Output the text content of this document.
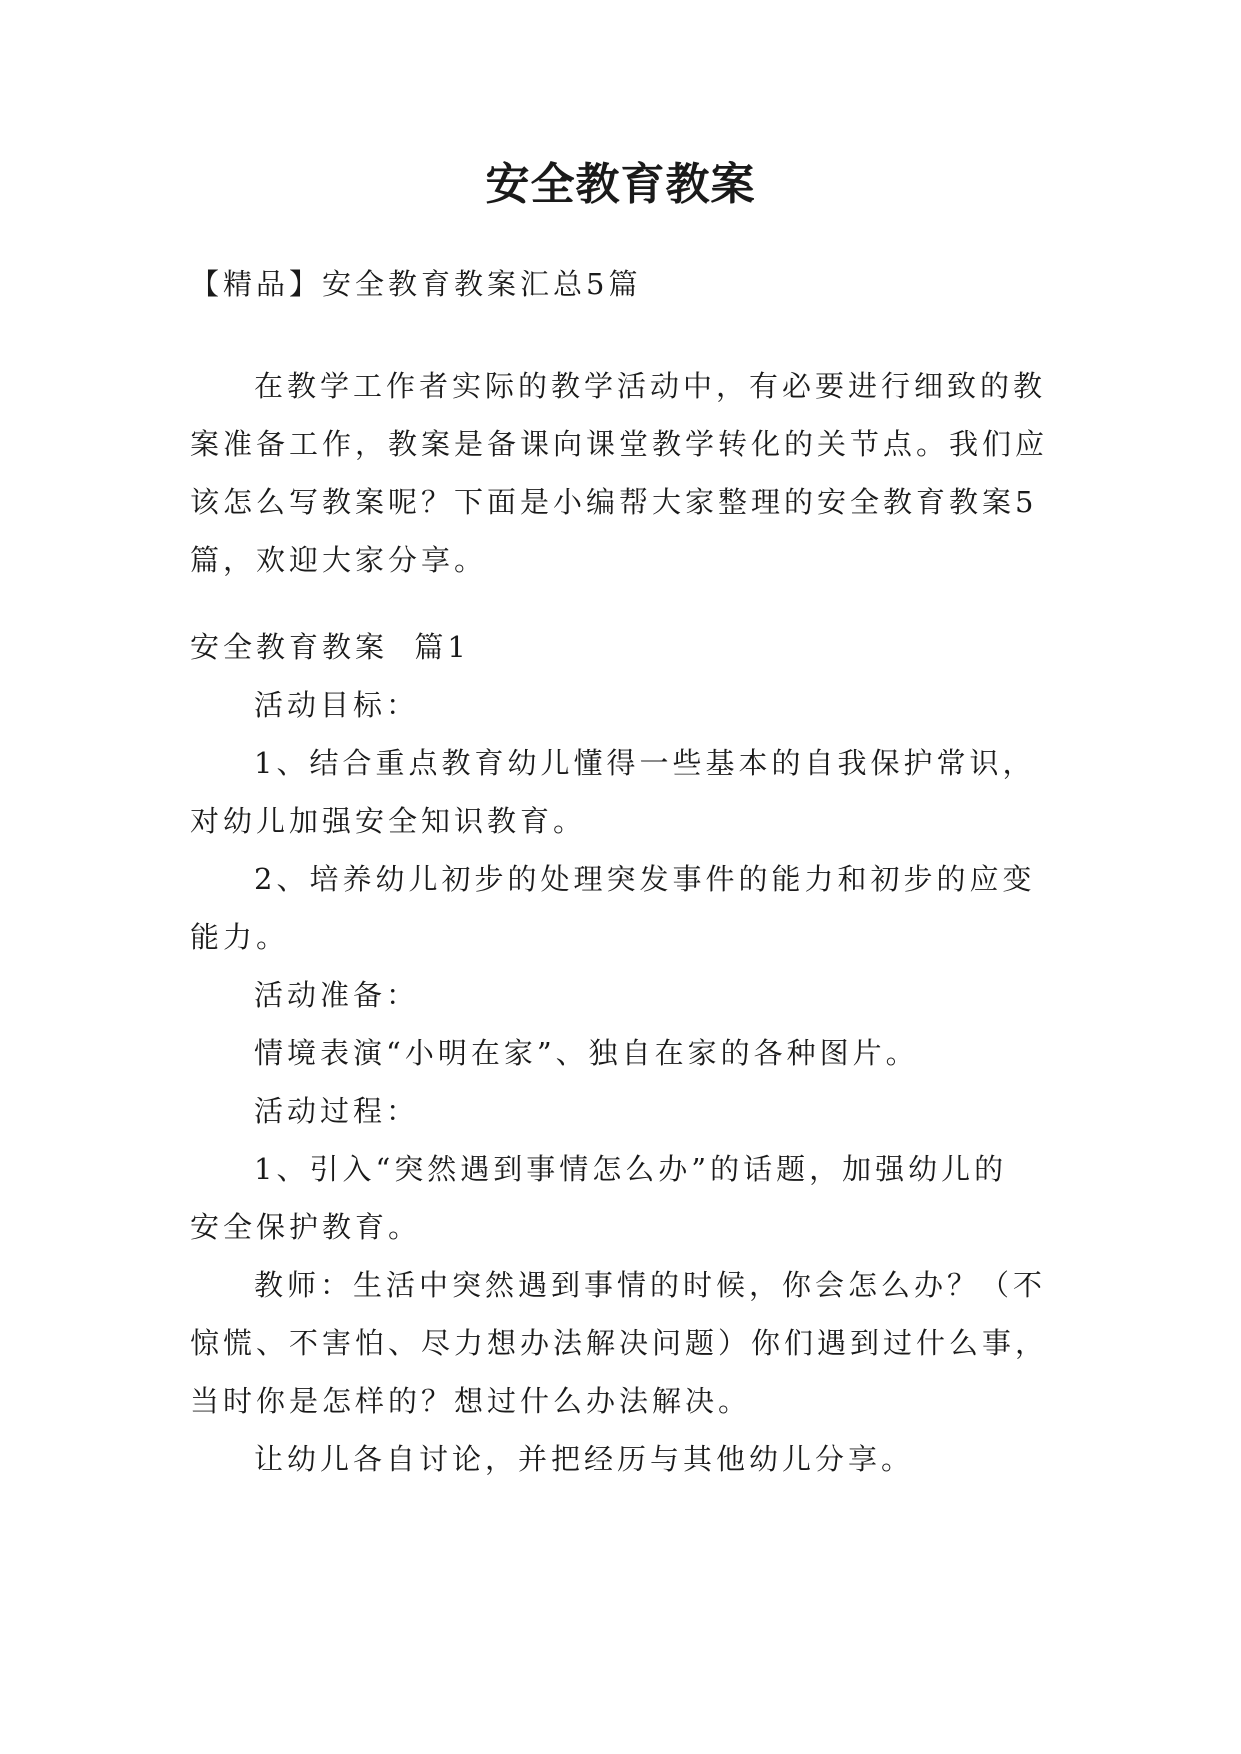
安全教育教案

【精品】安全教育教案汇总5篇

在教学工作者实际的教学活动中，有必要进行细致的教

案准备工作，教案是备课向课堂教学转化的关节点。我们应

该怎么写教案呢？下面是小编帮大家整理的安全教育教案5

篇，欢迎大家分享。

安全教育教案  篇1

活动目标：

1、结合重点教育幼儿懂得一些基本的自我保护常识，

对幼儿加强安全知识教育。

2、培养幼儿初步的处理突发事件的能力和初步的应变

能力。

活动准备：

情境表演“小明在家”、独自在家的各种图片。

活动过程：

1、引入“突然遇到事情怎么办”的话题，加强幼儿的

安全保护教育。

教师：生活中突然遇到事情的时候，你会怎么办？（不

惊慌、不害怕、尽力想办法解决问题）你们遇到过什么事，

当时你是怎样的？想过什么办法解决。

让幼儿各自讨论，并把经历与其他幼儿分享。
